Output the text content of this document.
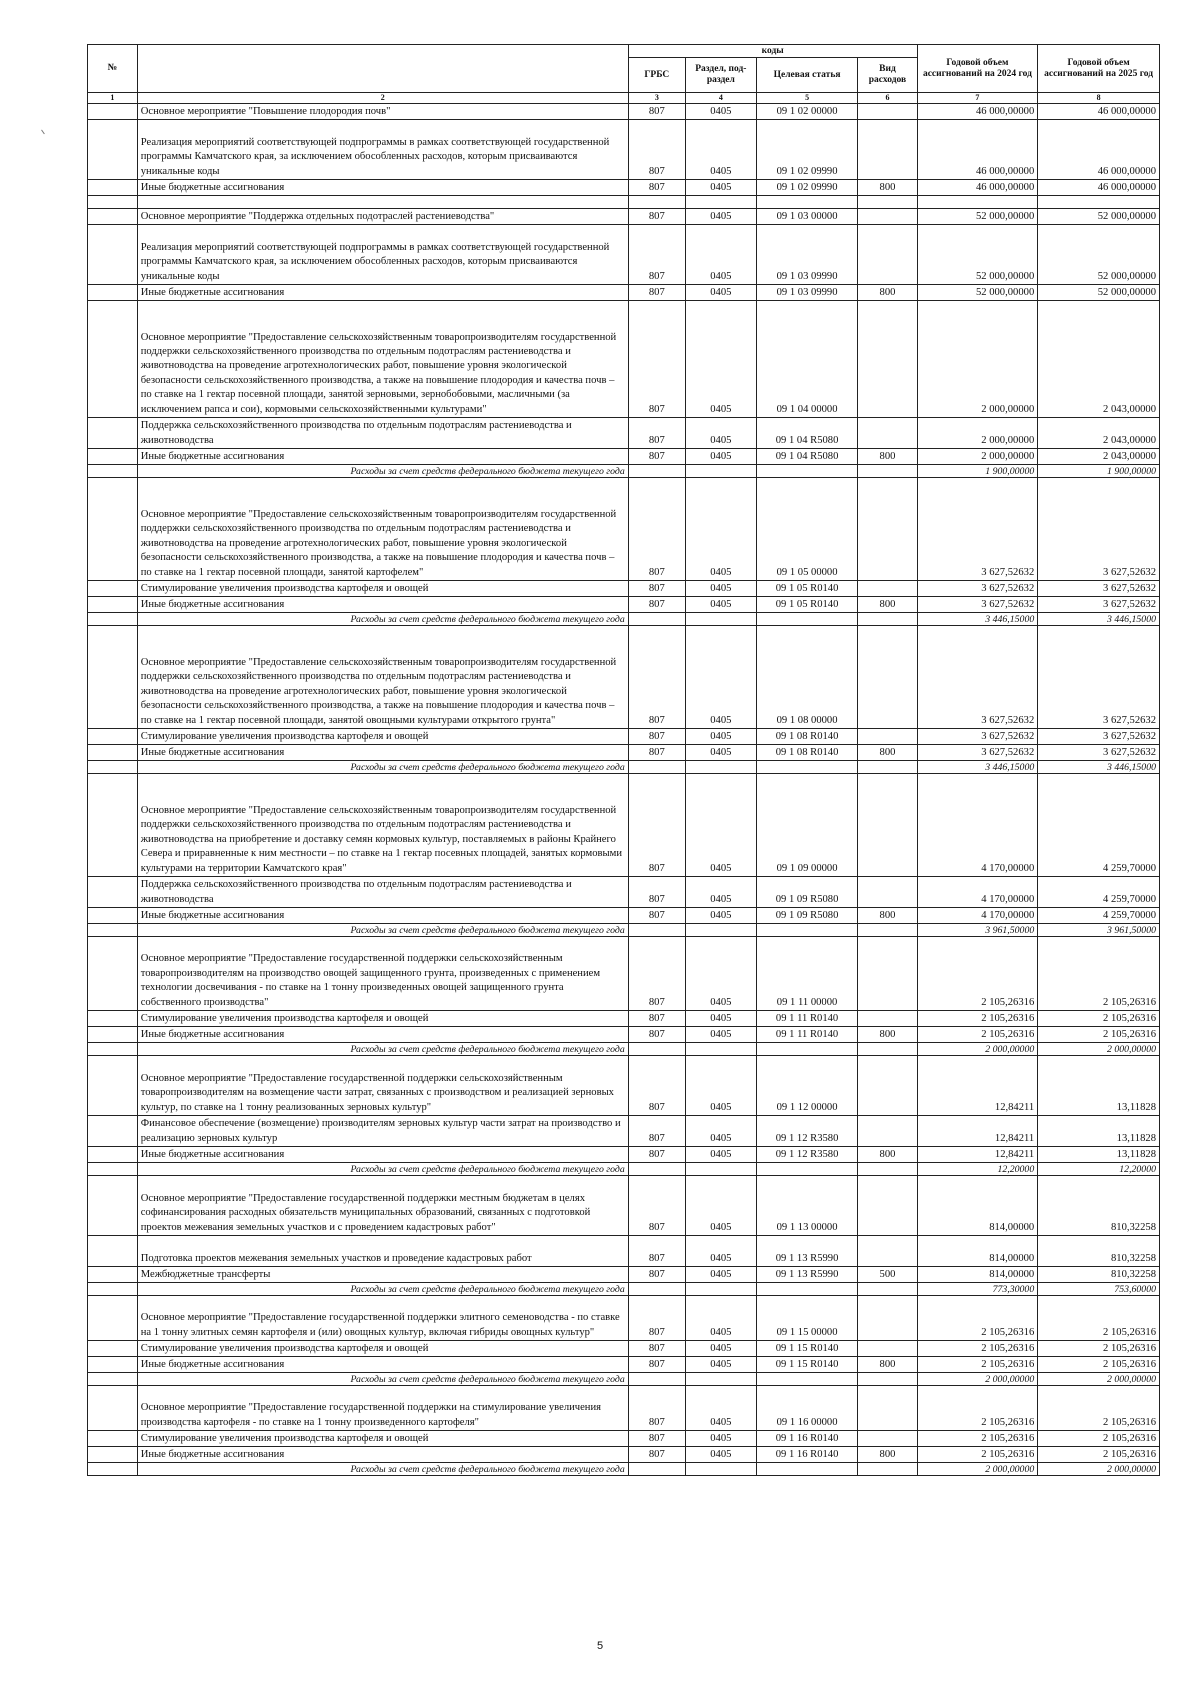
№		коды				Годовой объем ассигнований на 2024 год	Годовой объем ассигнований на 2025 год
		ГРБС	Раздел, под-раздел	Целевая статья	Вид расходов		
1	2	3	4	5	6	7	8
	Основное мероприятие "Повышение плодородия почв"	807	0405	09 1 02 00000		46 000,00000	46 000,00000
	Реализация мероприятий соответствующей подпрограммы в рамках соответствующей государственной программы Камчатского края, за исключением обособленных расходов, которым присваиваются уникальные коды	807	0405	09 1 02 09990		46 000,00000	46 000,00000
	Иные бюджетные ассигнования	807	0405	09 1 02 09990	800	46 000,00000	46 000,00000

	Основное мероприятие "Поддержка отдельных подотраслей растениеводства"	807	0405	09 1 03 00000		52 000,00000	52 000,00000
	Реализация мероприятий соответствующей подпрограммы в рамках соответствующей государственной программы Камчатского края, за исключением обособленных расходов, которым присваиваются уникальные коды	807	0405	09 1 03 09990		52 000,00000	52 000,00000
	Иные бюджетные ассигнования	807	0405	09 1 03 09990	800	52 000,00000	52 000,00000
	Основное мероприятие "Предоставление сельскохозяйственным товаропроизводителям государственной поддержки сельскохозяйственного производства по отдельным подотраслям растениеводства и животноводства на проведение агротехнологических работ, повышение уровня экологической безопасности сельскохозяйственного производства, а также на повышение плодородия и качества почв – по ставке на 1 гектар посевной площади, занятой зерновыми, зернобобовыми, масличными (за исключением рапса и сои), кормовыми сельскохозяйственными культурами"	807	0405	09 1 04 00000		2 000,00000	2 043,00000
	Поддержка сельскохозяйственного производства по отдельным подотраслям растениеводства и животноводства	807	0405	09 1 04 R5080		2 000,00000	2 043,00000
	Иные бюджетные ассигнования	807	0405	09 1 04 R5080	800	2 000,00000	2 043,00000
	Расходы за счет средств федерального бюджета текущего года					1 900,00000	1 900,00000
	Основное мероприятие "Предоставление сельскохозяйственным товаропроизводителям государственной поддержки сельскохозяйственного производства по отдельным подотраслям растениеводства и животноводства на проведение агротехнологических работ, повышение уровня экологической безопасности сельскохозяйственного производства, а также на повышение плодородия и качества почв – по ставке на 1 гектар посевной площади, занятой картофелем"	807	0405	09 1 05 00000		3 627,52632	3 627,52632
	Стимулирование увеличения производства картофеля и овощей	807	0405	09 1 05 R0140		3 627,52632	3 627,52632
	Иные бюджетные ассигнования	807	0405	09 1 05 R0140	800	3 627,52632	3 627,52632
	Расходы за счет средств федерального бюджета текущего года					3 446,15000	3 446,15000
	Основное мероприятие "Предоставление сельскохозяйственным товаропроизводителям государственной поддержки сельскохозяйственного производства по отдельным подотраслям растениеводства и животноводства на проведение агротехнологических работ, повышение уровня экологической безопасности сельскохозяйственного производства, а также на повышение плодородия и качества почв – по ставке на 1 гектар посевной площади, занятой овощными культурами открытого грунта"	807	0405	09 1 08 00000		3 627,52632	3 627,52632
	Стимулирование увеличения производства картофеля и овощей	807	0405	09 1 08 R0140		3 627,52632	3 627,52632
	Иные бюджетные ассигнования	807	0405	09 1 08 R0140	800	3 627,52632	3 627,52632
	Расходы за счет средств федерального бюджета текущего года					3 446,15000	3 446,15000
	Основное мероприятие "Предоставление сельскохозяйственным товаропроизводителям государственной поддержки сельскохозяйственного производства по отдельным подотраслям растениеводства и животноводства на приобретение и доставку семян кормовых культур, поставляемых в районы Крайнего Севера и приравненные к ним местности – по ставке на 1 гектар посевных площадей, занятых кормовыми культурами на территории Камчатского края"	807	0405	09 1 09 00000		4 170,00000	4 259,70000
	Поддержка сельскохозяйственного производства по отдельным подотраслям растениеводства и животноводства	807	0405	09 1 09 R5080		4 170,00000	4 259,70000
	Иные бюджетные ассигнования	807	0405	09 1 09 R5080	800	4 170,00000	4 259,70000
	Расходы за счет средств федерального бюджета текущего года					3 961,50000	3 961,50000
	Основное мероприятие "Предоставление государственной поддержки сельскохозяйственным товаропроизводителям на производство овощей защищенного грунта, произведенных с применением технологии досвечивания - по ставке на 1 тонну произведенных овощей защищенного грунта собственного производства"	807	0405	09 1 11 00000		2 105,26316	2 105,26316
	Стимулирование увеличения производства картофеля и овощей	807	0405	09 1 11 R0140		2 105,26316	2 105,26316
	Иные бюджетные ассигнования	807	0405	09 1 11 R0140	800	2 105,26316	2 105,26316
	Расходы за счет средств федерального бюджета текущего года					2 000,00000	2 000,00000
	Основное мероприятие "Предоставление государственной поддержки сельскохозяйственным товаропроизводителям на возмещение части затрат, связанных с производством и реализацией зерновых культур, по ставке на 1 тонну реализованных зерновых культур"	807	0405	09 1 12 00000		12,84211	13,11828
	Финансовое обеспечение (возмещение) производителям зерновых культур части затрат на производство и реализацию зерновых культур	807	0405	09 1 12 R3580		12,84211	13,11828
	Иные бюджетные ассигнования	807	0405	09 1 12 R3580	800	12,84211	13,11828
	Расходы за счет средств федерального бюджета текущего года					12,20000	12,20000
	Основное мероприятие "Предоставление государственной поддержки местным бюджетам в целях софинансирования расходных обязательств муниципальных образований, связанных с подготовкой проектов межевания земельных участков и с проведением кадастровых работ"	807	0405	09 1 13 00000		814,00000	810,32258
	Подготовка проектов межевания земельных участков и проведение кадастровых работ	807	0405	09 1 13 R5990		814,00000	810,32258
	Межбюджетные трансферты	807	0405	09 1 13 R5990	500	814,00000	810,32258
	Расходы за счет средств федерального бюджета текущего года					773,30000	753,60000
	Основное мероприятие "Предоставление государственной поддержки элитного семеноводства - по ставке на 1 тонну элитных семян картофеля и (или) овощных культур, включая гибриды овощных культур"	807	0405	09 1 15 00000		2 105,26316	2 105,26316
	Стимулирование увеличения производства картофеля и овощей	807	0405	09 1 15 R0140		2 105,26316	2 105,26316
	Иные бюджетные ассигнования	807	0405	09 1 15 R0140	800	2 105,26316	2 105,26316
	Расходы за счет средств федерального бюджета текущего года					2 000,00000	2 000,00000
	Основное мероприятие "Предоставление государственной поддержки на стимулирование увеличения производства картофеля - по ставке на 1 тонну произведенного картофеля"	807	0405	09 1 16 00000		2 105,26316	2 105,26316
	Стимулирование увеличения производства картофеля и овощей	807	0405	09 1 16 R0140		2 105,26316	2 105,26316
	Иные бюджетные ассигнования	807	0405	09 1 16 R0140	800	2 105,26316	2 105,26316
	Расходы за счет средств федерального бюджета текущего года					2 000,00000	2 000,00000
5
